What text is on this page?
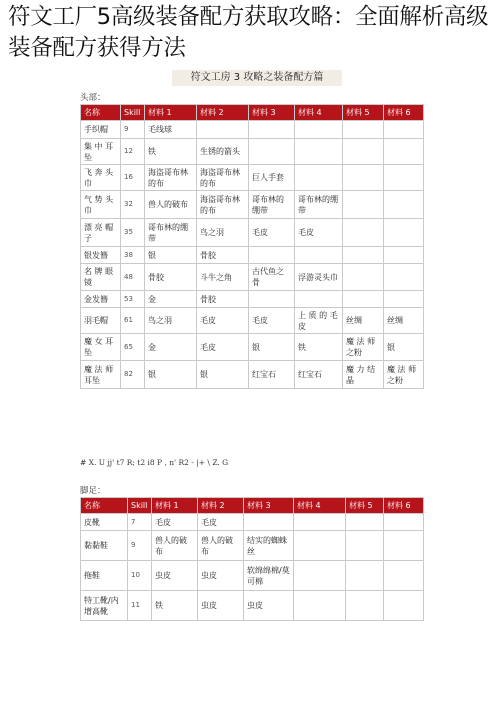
符文工厂5高级装备配方获取攻略：全面解析高级装备配方获得方法
符文工房 3 攻略之装备配方篇
头部：
名称	Skill	材料 1	材料 2	材料 3	材料 4	材料 5	材料 6
手织帽	9	毛线球					
集 中 耳坠	12	铁	生锈的箭头				
飞 奔 头巾	16	海盗哥布林的布	海盗哥布林的布	巨人手套			
气 势 头巾	32	兽人的破布	海盗哥布林的布	哥布林的绷带	哥布林的绷带		
漂 亮 帽子	35	哥布林的绷带	鸟之羽	毛皮	毛皮		
银发簪	38	银	骨胶				
名 牌 眼镜	48	骨胶	斗牛之角	古代鱼之骨	浮游灵头巾		
金发簪	53	金	骨胶				
羽毛帽	61	鸟之羽	毛皮	毛皮	上 质 的 毛皮	丝绸	丝绸
魔 女 耳坠	65	金	毛皮	银	铁	魔 法 师之粉	银
魔 法 师耳坠	82	银	银	红宝石	红宝石	魔 力 结晶	魔 法 师之粉
# X. U jj' t7 R; t2 i8 P , n' R2 - |+ \ Z. G
脚足：
名称	Skill	材料 1	材料 2	材料 3	材料 4	材料 5	材料 6
皮靴	7	毛皮	毛皮				
黏黏鞋	9	兽人的破布	兽人的破布	结实的蜘蛛丝			
拖鞋	10	虫皮	虫皮	软绵绵棉/莫可棉			
特工靴/内增高靴	11	铁	虫皮	虫皮			
